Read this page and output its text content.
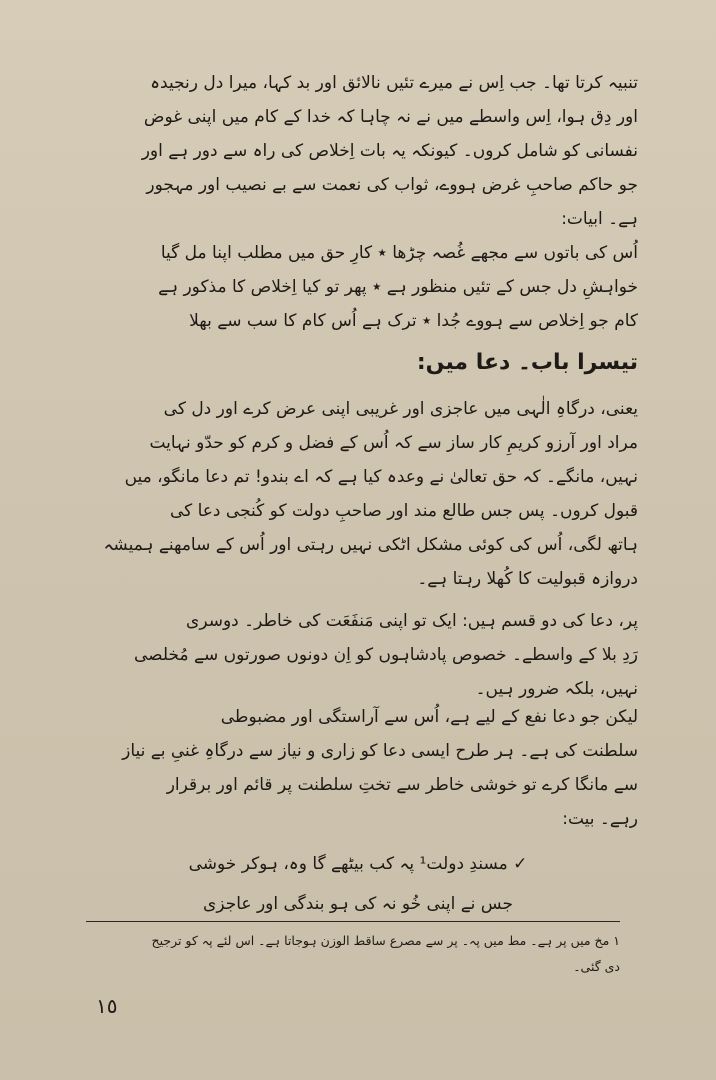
تنبیہ کرتا تھا۔ جب اِس نے میرے تئیں نالائق اور بد کہا، میرا دل رنجیدہ
اور دِق ہوا، اِس واسطے میں نے نہ چاہا کہ خدا کے کام میں اپنی غوض
نفسانی کو شامل کروں۔ کیونکہ یہ بات اِخلاص کی راہ سے دور ہے اور
جو حاکم صاحبِ غرض ہووے، ثواب کی نعمت سے بے نصیب اور مہجور
ہے۔ ابیات:
اُس کی باتوں سے مجھے غُصہ چڑھا ٭ کارِ حق میں مطلب اپنا مل گیا
خواہشِ دل جس کے تئیں منظور ہے ٭ پھر تو کیا اِخلاص کا مذکور ہے
کام جو اِخلاص سے ہووے جُدا ٭ ترک ہے اُس کام کا سب سے بھلا
تیسرا باب۔ دعا میں:
یعنی، درگاہِ الٰہی میں عاجزی اور غریبی اپنی عرض کرے اور دل کی
مراد اور آرزو کریمِ کار ساز سے کہ اُس کے فضل و کرم کو حدّو نہایت
نہیں، مانگے۔ کہ حق تعالیٰ نے وعدہ کیا ہے کہ اے بندو! تم دعا مانگو، میں
قبول کروں۔ پس جس طالع مند اور صاحبِ دولت کو کُنجی دعا کی
ہاتھ لگی، اُس کی کوئی مشکل اٹکی نہیں رہتی اور اُس کے سامھنے ہمیشہ
دروازہ قبولیت کا کُھلا رہتا ہے۔
پر، دعا کی دو قسم ہیں: ایک تو اپنی مَنفَعَت کی خاطر۔ دوسری
رَدِ بلا کے واسطے۔ خصوص پادشاہوں کو اِن دونوں صورتوں سے مُخلصی
نہیں، بلکہ ضرور ہیں۔
لیکن جو دعا نفع کے لیے ہے، اُس سے آراستگی اور مضبوطی
سلطنت کی ہے۔ ہر طرح ایسی دعا کو زاری و نیاز سے درگاہِ غنیِ بے نیاز
سے مانگا کرے تو خوشی خاطر سے تختِ سلطنت پر قائم اور برقرار
رہے۔ بیت:
✓ مسندِ دولت¹ پہ کب بیٹھے گا وہ، ہوکر خوشی
جس نے اپنی خُو نہ کی ہو بندگی اور عاجزی
۱ مخ میں پر ہے۔ مط میں پہ۔ پر سے مصرع ساقط الوزن ہوجاتا ہے۔ اس لئے پہ کو ترجیح
دی گئی۔
١٥
